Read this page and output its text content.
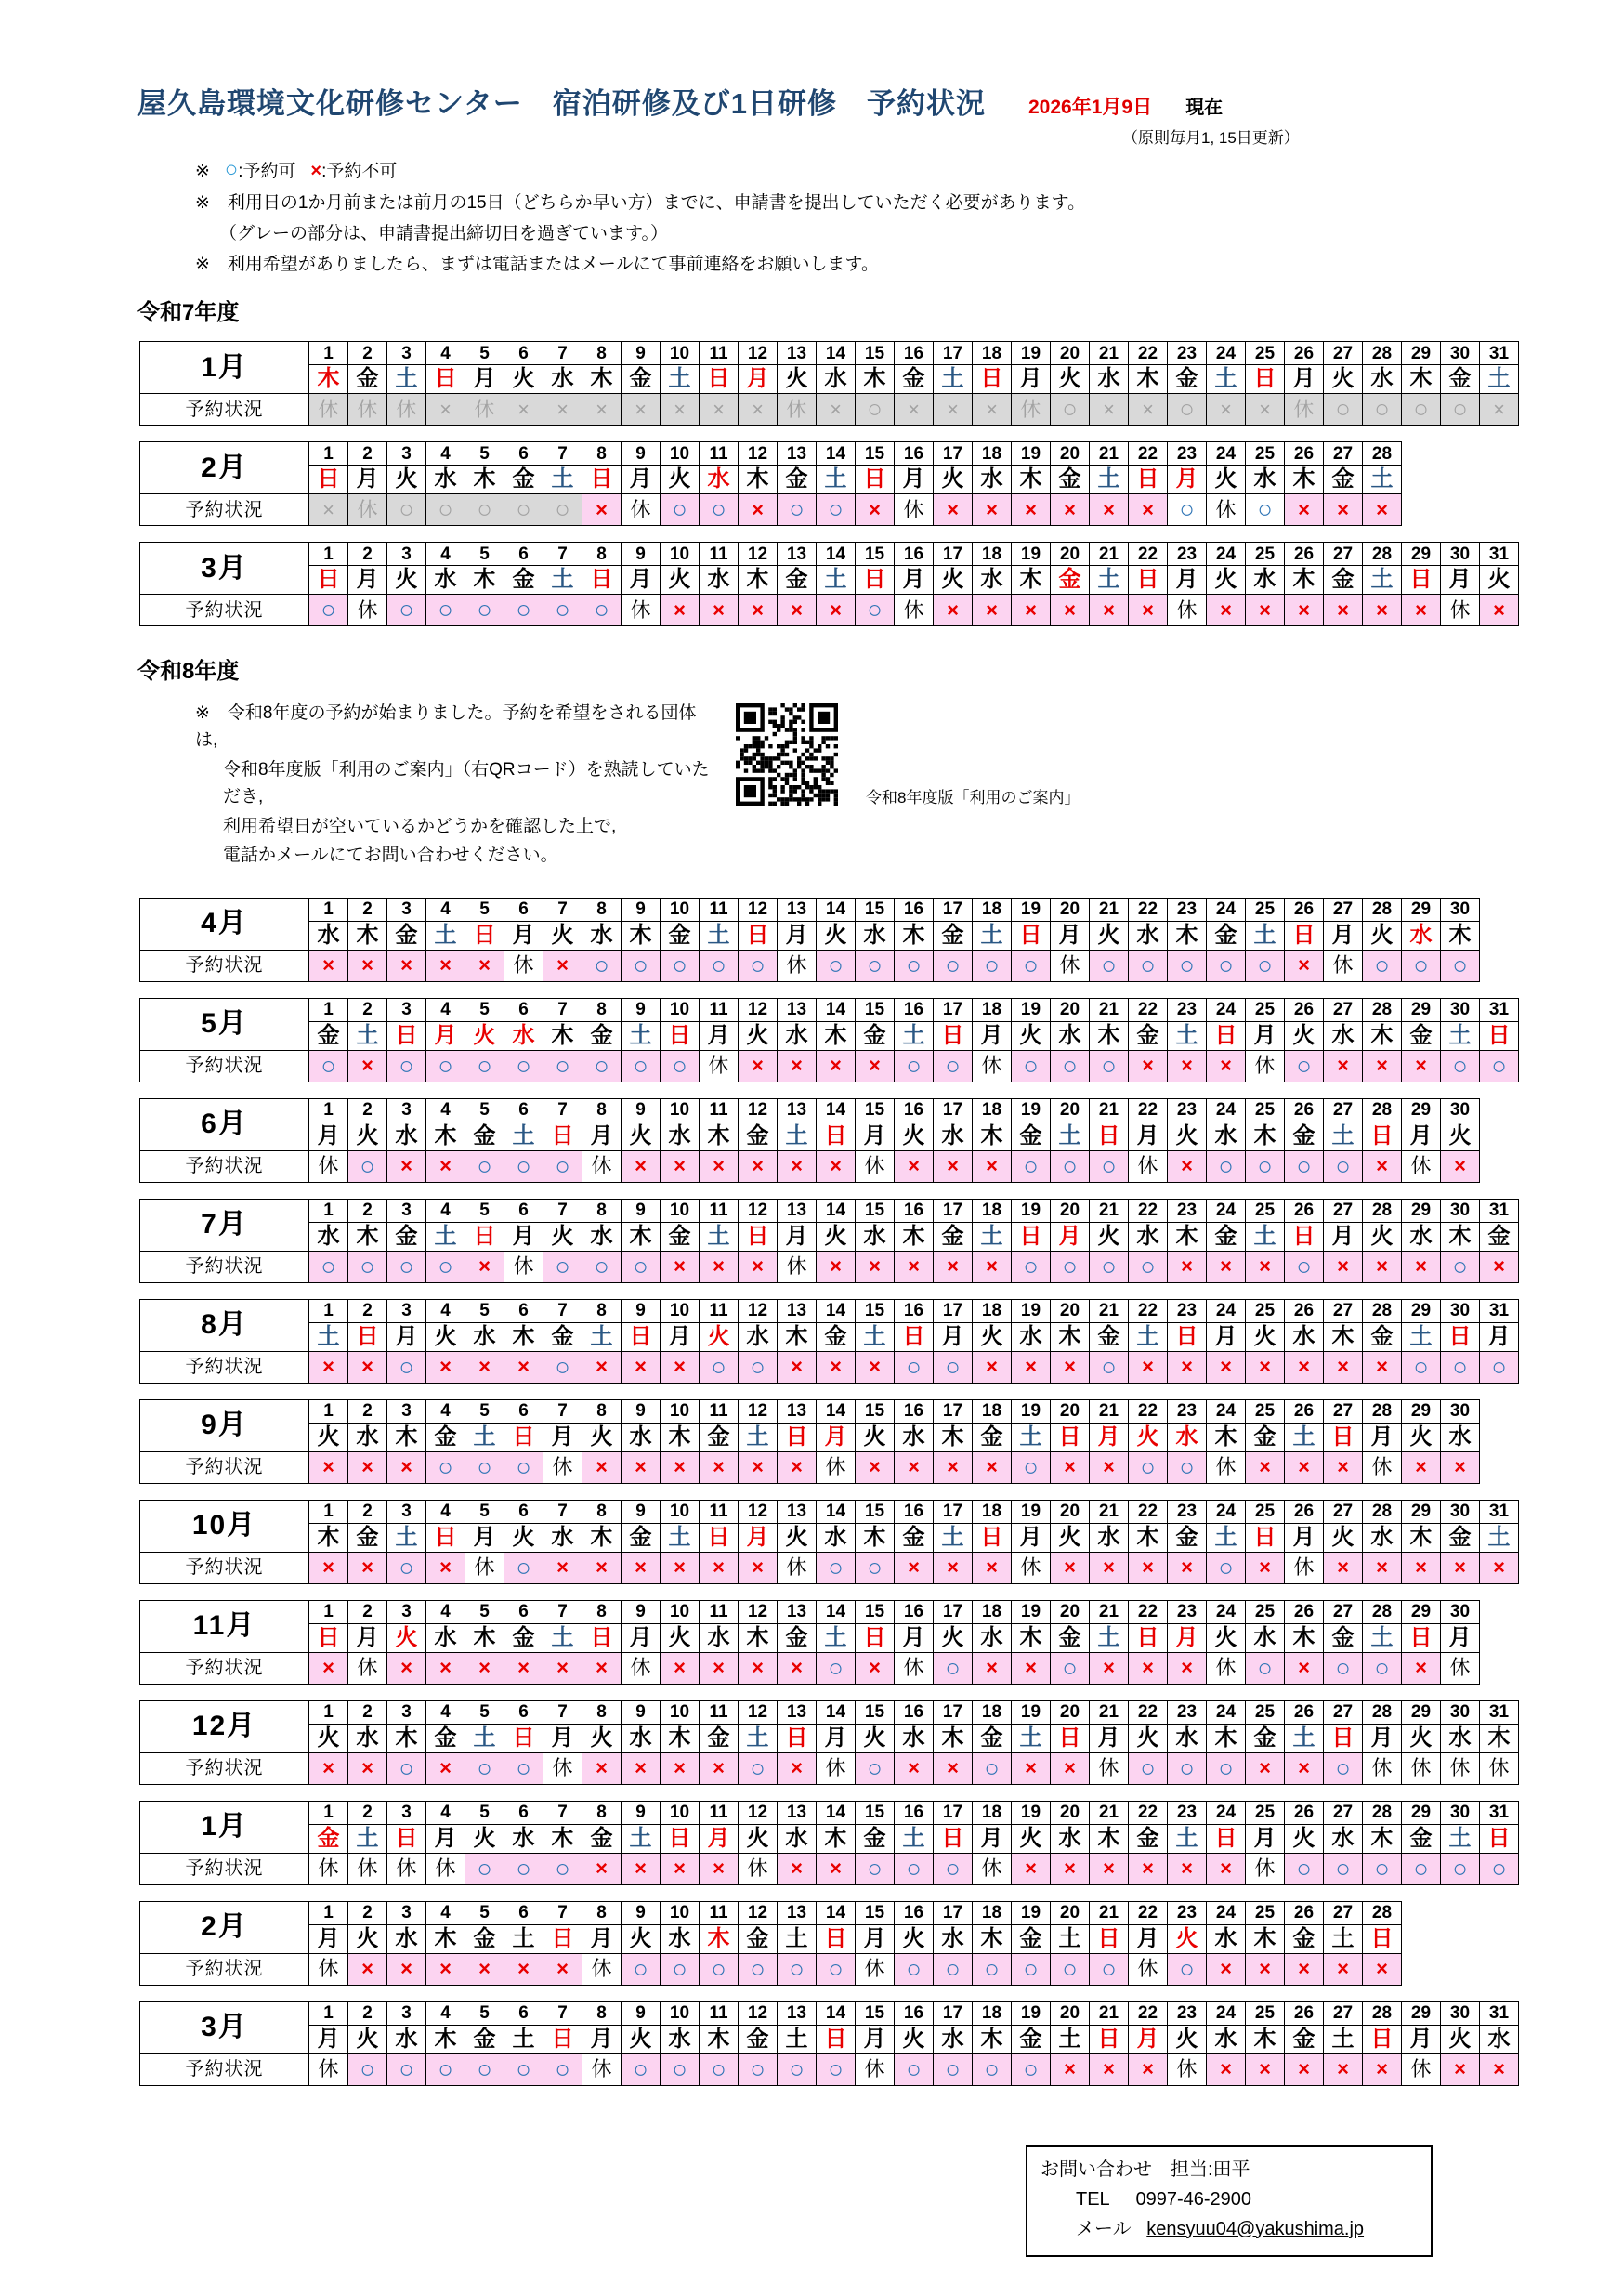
屋久島環境文化研修センター　宿泊研修及び1日研修　予約状況 2026年1月9日 現在
（原則毎月1, 15日更新）
※ ○:予約可 ×:予約不可
※　利用日の1か月前または前月の15日（どちらか早い方）までに、申請書を提出していただく必要があります。
（グレーの部分は、申請書提出締切日を過ぎています。）
※　利用希望がありましたら、まずは電話またはメールにて事前連絡をお願いします。
令和7年度
1月	1	2	3	4	5	6	7	8	9	10	11	12	13	14	15	16	17	18	19	20	21	22	23	24	25	26	27	28	29	30	31
	木	金	土	日	月	火	水	木	金	土	日	月	火	水	木	金	土	日	月	火	水	木	金	土	日	月	火	水	木	金	土
予約状況	休	休	休	×	休	×	×	×	×	×	×	×	休	×	○	×	×	×	休	○	×	×	○	×	×	休	○	○	○	○	×
2月	1	2	3	4	5	6	7	8	9	10	11	12	13	14	15	16	17	18	19	20	21	22	23	24	25	26	27	28
	日	月	火	水	木	金	土	日	月	火	水	木	金	土	日	月	火	水	木	金	土	日	月	火	水	木	金	土
予約状況	×	休	○	○	○	○	○	×	休	○	○	×	○	○	×	休	×	×	×	×	×	×	○	休	○	×	×	×
3月	1	2	3	4	5	6	7	8	9	10	11	12	13	14	15	16	17	18	19	20	21	22	23	24	25	26	27	28	29	30	31
	日	月	火	水	木	金	土	日	月	火	水	木	金	土	日	月	火	水	木	金	土	日	月	火	水	木	金	土	日	月	火
予約状況	○	休	○	○	○	○	○	○	休	×	×	×	×	×	○	休	×	×	×	×	×	×	休	×	×	×	×	×	×	休	×
令和8年度
※　令和8年度の予約が始まりました。予約を希望をされる団体は,
令和8年度版「利用のご案内」（右QRコード）を熟読していただき,
利用希望日が空いているかどうかを確認した上で,
電話かメールにてお問い合わせください。
令和8年度版「利用のご案内」
4月	1	2	3	4	5	6	7	8	9	10	11	12	13	14	15	16	17	18	19	20	21	22	23	24	25	26	27	28	29	30
	水	木	金	土	日	月	火	水	木	金	土	日	月	火	水	木	金	土	日	月	火	水	木	金	土	日	月	火	水	木
予約状況	×	×	×	×	×	休	×	○	○	○	○	○	休	○	○	○	○	○	○	休	○	○	○	○	○	×	休	○	○	○
5月	1	2	3	4	5	6	7	8	9	10	11	12	13	14	15	16	17	18	19	20	21	22	23	24	25	26	27	28	29	30	31
	金	土	日	月	火	水	木	金	土	日	月	火	水	木	金	土	日	月	火	水	木	金	土	日	月	火	水	木	金	土	日
予約状況	○	×	○	○	○	○	○	○	○	○	休	×	×	×	×	○	○	休	○	○	○	×	×	×	休	○	×	×	×	○	○
6月	1	2	3	4	5	6	7	8	9	10	11	12	13	14	15	16	17	18	19	20	21	22	23	24	25	26	27	28	29	30
	月	火	水	木	金	土	日	月	火	水	木	金	土	日	月	火	水	木	金	土	日	月	火	水	木	金	土	日	月	火
予約状況	休	○	×	×	○	○	○	休	×	×	×	×	×	×	休	×	×	×	○	○	○	休	×	○	○	○	○	×	休	×
7月	1	2	3	4	5	6	7	8	9	10	11	12	13	14	15	16	17	18	19	20	21	22	23	24	25	26	27	28	29	30	31
	水	木	金	土	日	月	火	水	木	金	土	日	月	火	水	木	金	土	日	月	火	水	木	金	土	日	月	火	水	木	金
予約状況	○	○	○	○	×	休	○	○	○	×	×	×	休	×	×	×	×	×	○	○	○	○	×	×	×	○	×	×	×	○	×
8月	1	2	3	4	5	6	7	8	9	10	11	12	13	14	15	16	17	18	19	20	21	22	23	24	25	26	27	28	29	30	31
	土	日	月	火	水	木	金	土	日	月	火	水	木	金	土	日	月	火	水	木	金	土	日	月	火	水	木	金	土	日	月
予約状況	×	×	○	×	×	×	○	×	×	×	○	○	×	×	×	○	○	×	×	×	○	×	×	×	×	×	×	×	○	○	○
9月	1	2	3	4	5	6	7	8	9	10	11	12	13	14	15	16	17	18	19	20	21	22	23	24	25	26	27	28	29	30
	火	水	木	金	土	日	月	火	水	木	金	土	日	月	火	水	木	金	土	日	月	火	水	木	金	土	日	月	火	水
予約状況	×	×	×	○	○	○	休	×	×	×	×	×	×	休	×	×	×	×	○	×	×	○	○	休	×	×	×	休	×	×
10月	1	2	3	4	5	6	7	8	9	10	11	12	13	14	15	16	17	18	19	20	21	22	23	24	25	26	27	28	29	30	31
	木	金	土	日	月	火	水	木	金	土	日	月	火	水	木	金	土	日	月	火	水	木	金	土	日	月	火	水	木	金	土
予約状況	×	×	○	×	休	○	×	×	×	×	×	×	休	○	○	×	×	×	休	×	×	×	×	○	×	休	×	×	×	×	×
11月	1	2	3	4	5	6	7	8	9	10	11	12	13	14	15	16	17	18	19	20	21	22	23	24	25	26	27	28	29	30
	日	月	火	水	木	金	土	日	月	火	水	木	金	土	日	月	火	水	木	金	土	日	月	火	水	木	金	土	日	月
予約状況	×	休	×	×	×	×	×	×	休	×	×	×	×	○	×	休	○	×	×	○	×	×	×	休	○	×	○	○	×	休
12月	1	2	3	4	5	6	7	8	9	10	11	12	13	14	15	16	17	18	19	20	21	22	23	24	25	26	27	28	29	30	31
	火	水	木	金	土	日	月	火	水	木	金	土	日	月	火	水	木	金	土	日	月	火	水	木	金	土	日	月	火	水	木
予約状況	×	×	○	×	○	○	休	×	×	×	×	○	×	休	○	×	×	○	×	×	休	○	○	○	×	×	○	休	休	休	休
1月	1	2	3	4	5	6	7	8	9	10	11	12	13	14	15	16	17	18	19	20	21	22	23	24	25	26	27	28	29	30	31
	金	土	日	月	火	水	木	金	土	日	月	火	水	木	金	土	日	月	火	水	木	金	土	日	月	火	水	木	金	土	日
予約状況	休	休	休	休	○	○	○	×	×	×	×	休	×	×	○	○	○	休	×	×	×	×	×	×	休	○	○	○	○	○	○
2月	1	2	3	4	5	6	7	8	9	10	11	12	13	14	15	16	17	18	19	20	21	22	23	24	25	26	27	28
	月	火	水	木	金	土	日	月	火	水	木	金	土	日	月	火	水	木	金	土	日	月	火	水	木	金	土	日
予約状況	休	×	×	×	×	×	×	休	○	○	○	○	○	○	休	○	○	○	○	○	○	休	○	×	×	×	×	×
3月	1	2	3	4	5	6	7	8	9	10	11	12	13	14	15	16	17	18	19	20	21	22	23	24	25	26	27	28	29	30	31
	月	火	水	木	金	土	日	月	火	水	木	金	土	日	月	火	水	木	金	土	日	月	火	水	木	金	土	日	月	火	水
予約状況	休	○	○	○	○	○	○	休	○	○	○	○	○	○	休	○	○	○	○	×	×	×	休	×	×	×	×	×	休	×	×
お問い合わせ　担当:田平
TEL 0997-46-2900
メール kensyuu04@yakushima.jp
